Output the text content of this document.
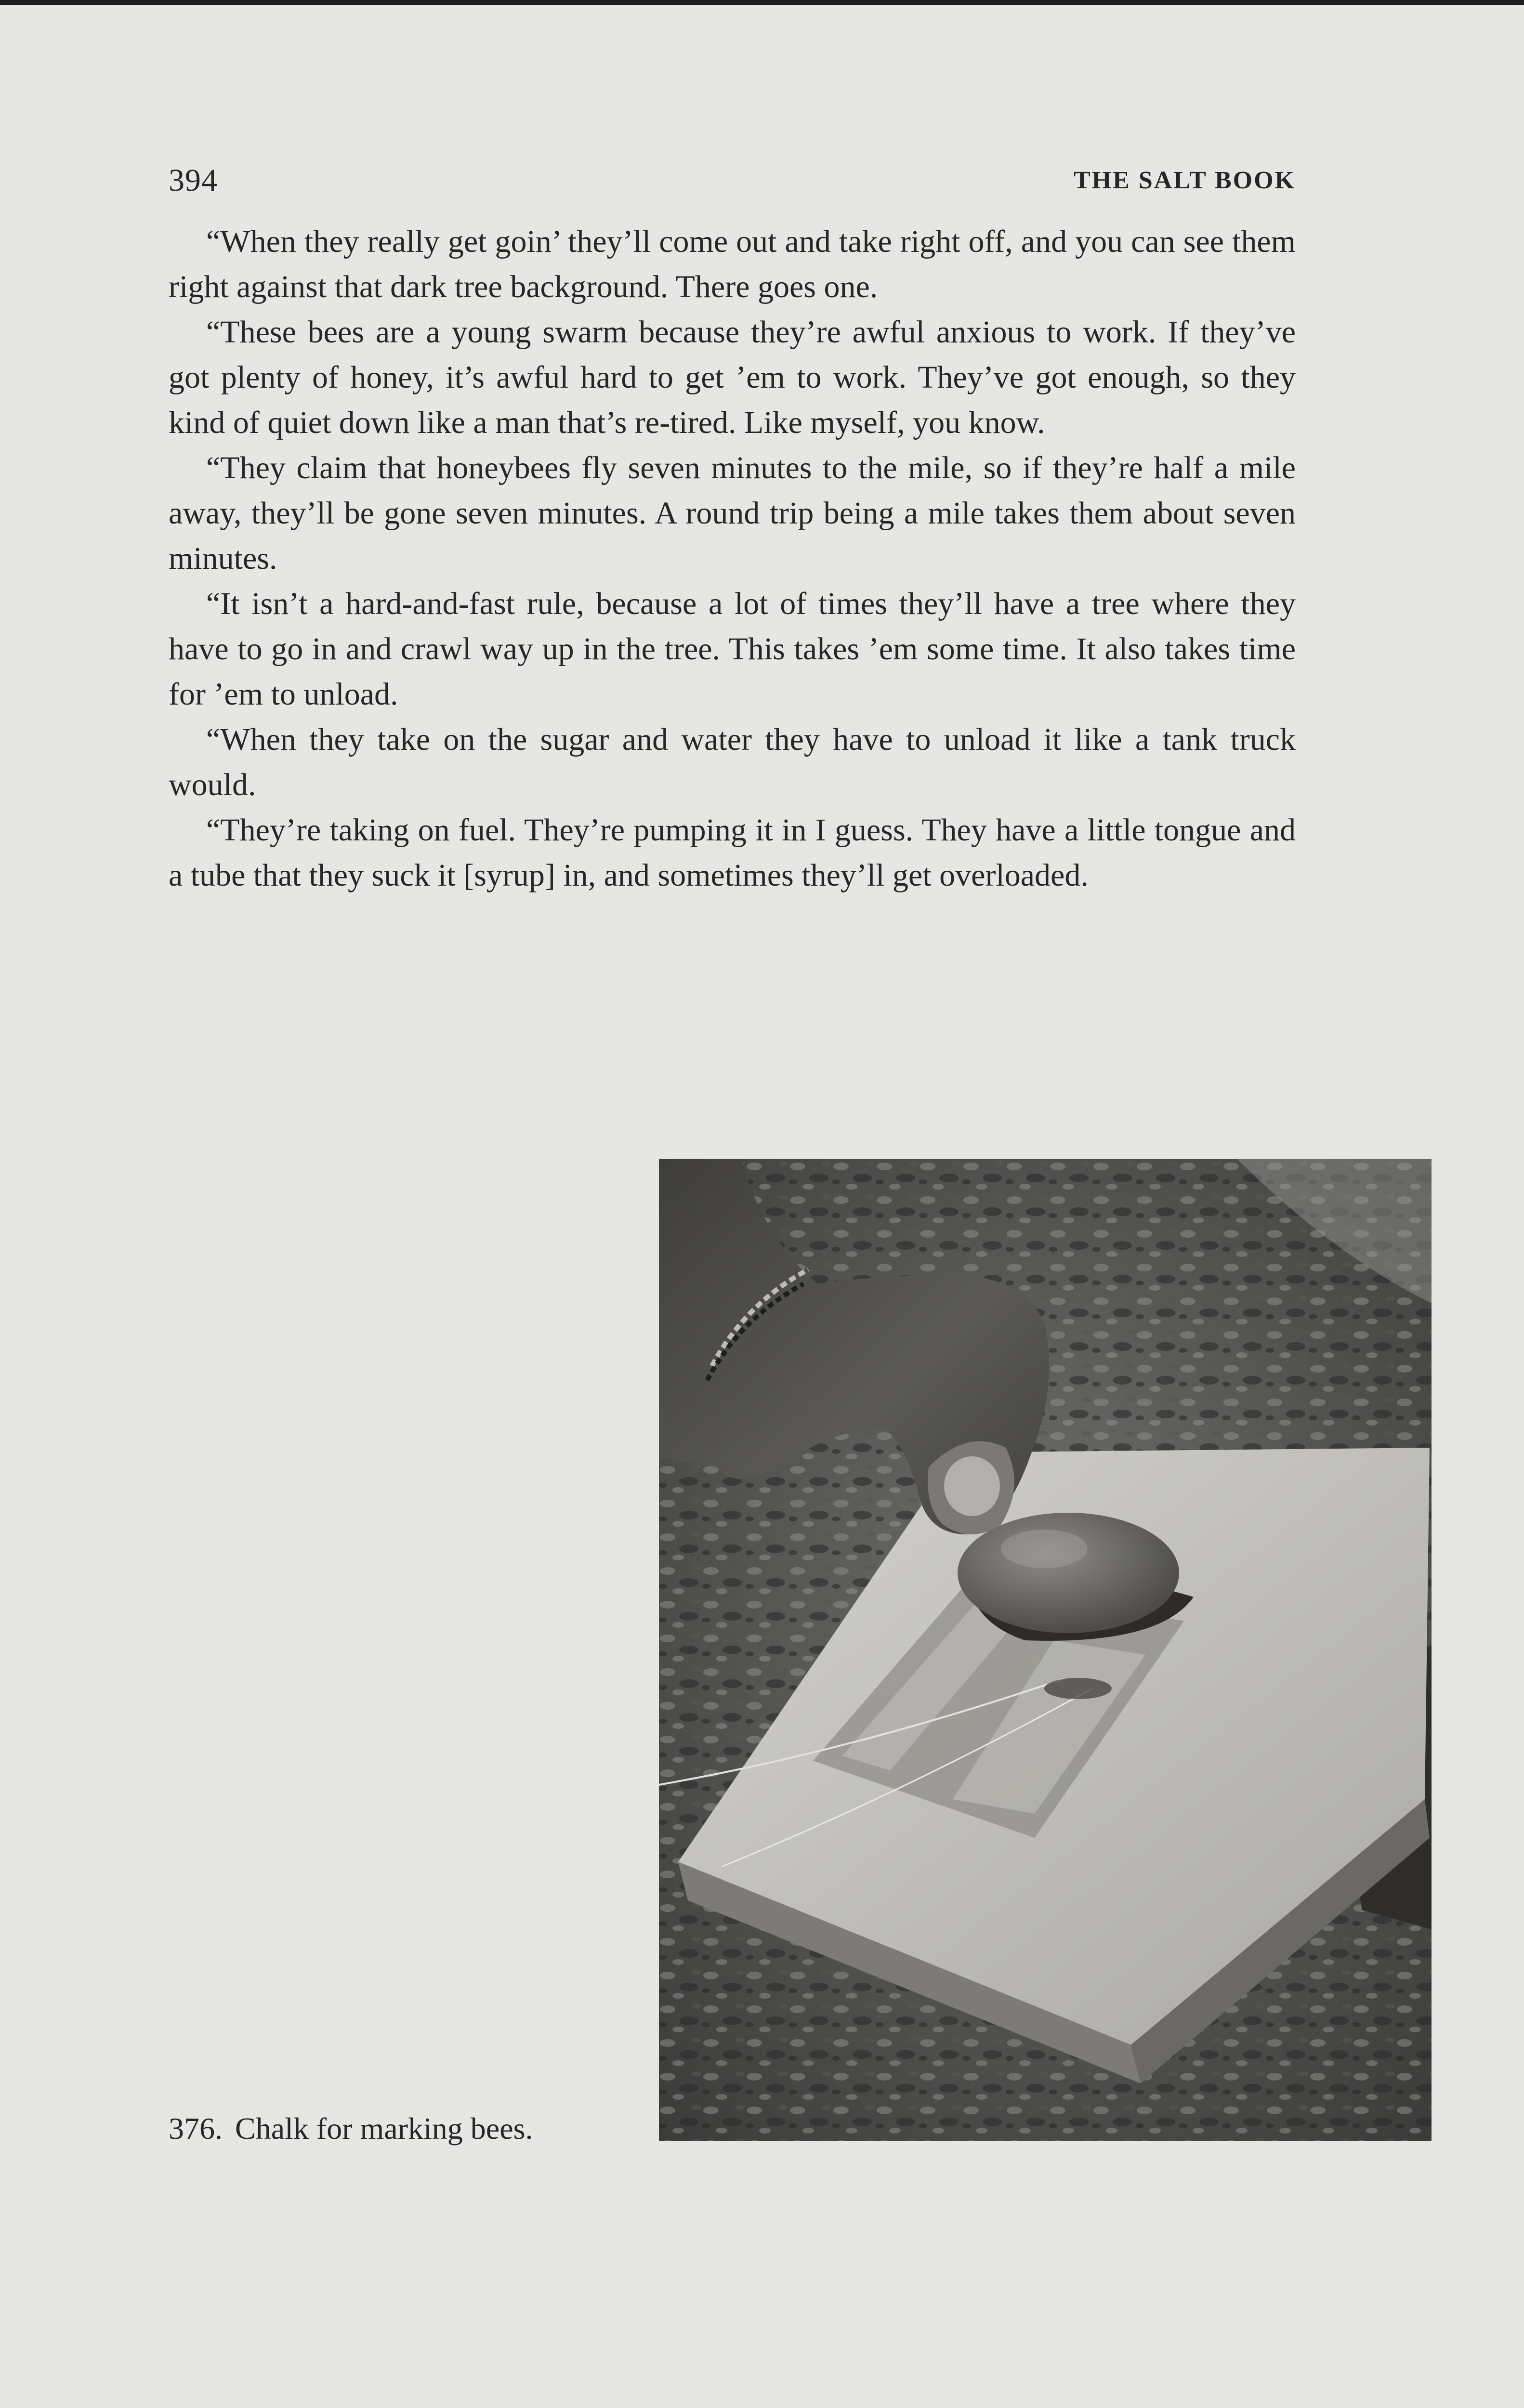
394	THE SALT BOOK

“When they really get goin’ they’ll come out and take right off, and you can see them right against that dark tree background. There goes one.

“These bees are a young swarm because they’re awful anxious to work. If they’ve got plenty of honey, it’s awful hard to get ’em to work. They’ve got enough, so they kind of quiet down like a man that’s re-tired. Like myself, you know.

“They claim that honeybees fly seven minutes to the mile, so if they’re half a mile away, they’ll be gone seven minutes. A round trip being a mile takes them about seven minutes.

“It isn’t a hard-and-fast rule, because a lot of times they’ll have a tree where they have to go in and crawl way up in the tree. This takes ’em some time. It also takes time for ’em to unload.

“When they take on the sugar and water they have to unload it like a tank truck would.

“They’re taking on fuel. They’re pumping it in I guess. They have a little tongue and a tube that they suck it [syrup] in, and sometimes they’ll get overloaded.

376. Chalk for marking bees.
